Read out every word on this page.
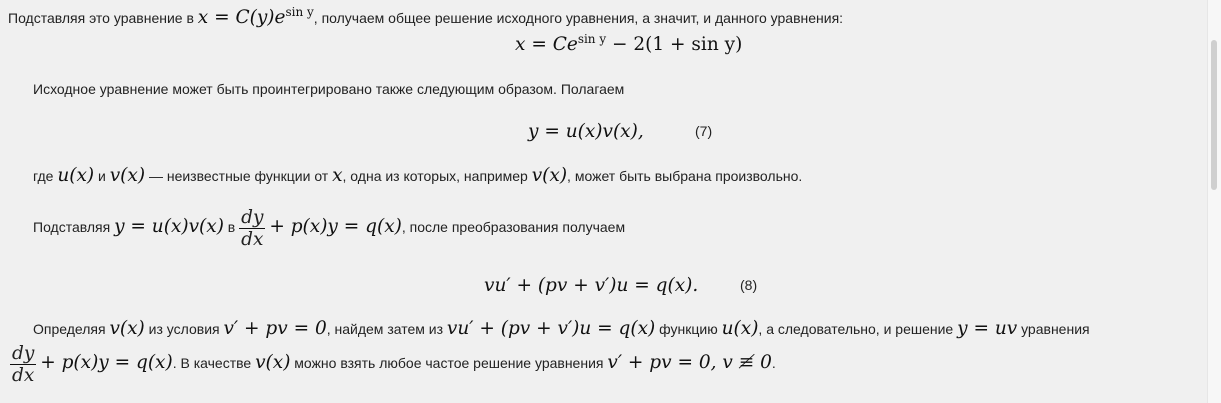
Подставляя это уравнение в $x = C(y)e^{sin y}$, получаем общее решение исходного уравнения, а значит, и данного уравнения:
$x = Ce^{sin y} - 2(1 + \sin y)$
Исходное уравнение может быть проинтегрировано также следующим образом. Полагаем
y = u(x)v(x),	(7)
где u(x) и v(x) — неизвестные функции от x, одна из которых, например v(x), может быть выбрана произвольно.
Подставляя y = u(x)v(x) в $\frac{dy}{dx} + p(x)y = q(x)$, после преобразования получаем
vu′ + (pv + v′)u = q(x).	(8)
Определяя v(x) из условия v′ + pv = 0, найдем затем из vu′ + (pv + v′)u = q(x) функцию u(x), а следовательно, и решение y = uv уравнения
$\frac{dy}{dx} + p(x)y = q(x)$. В качестве v(x) можно взять любое частое решение уравнения v′ + pv = 0, v ≢ 0.
